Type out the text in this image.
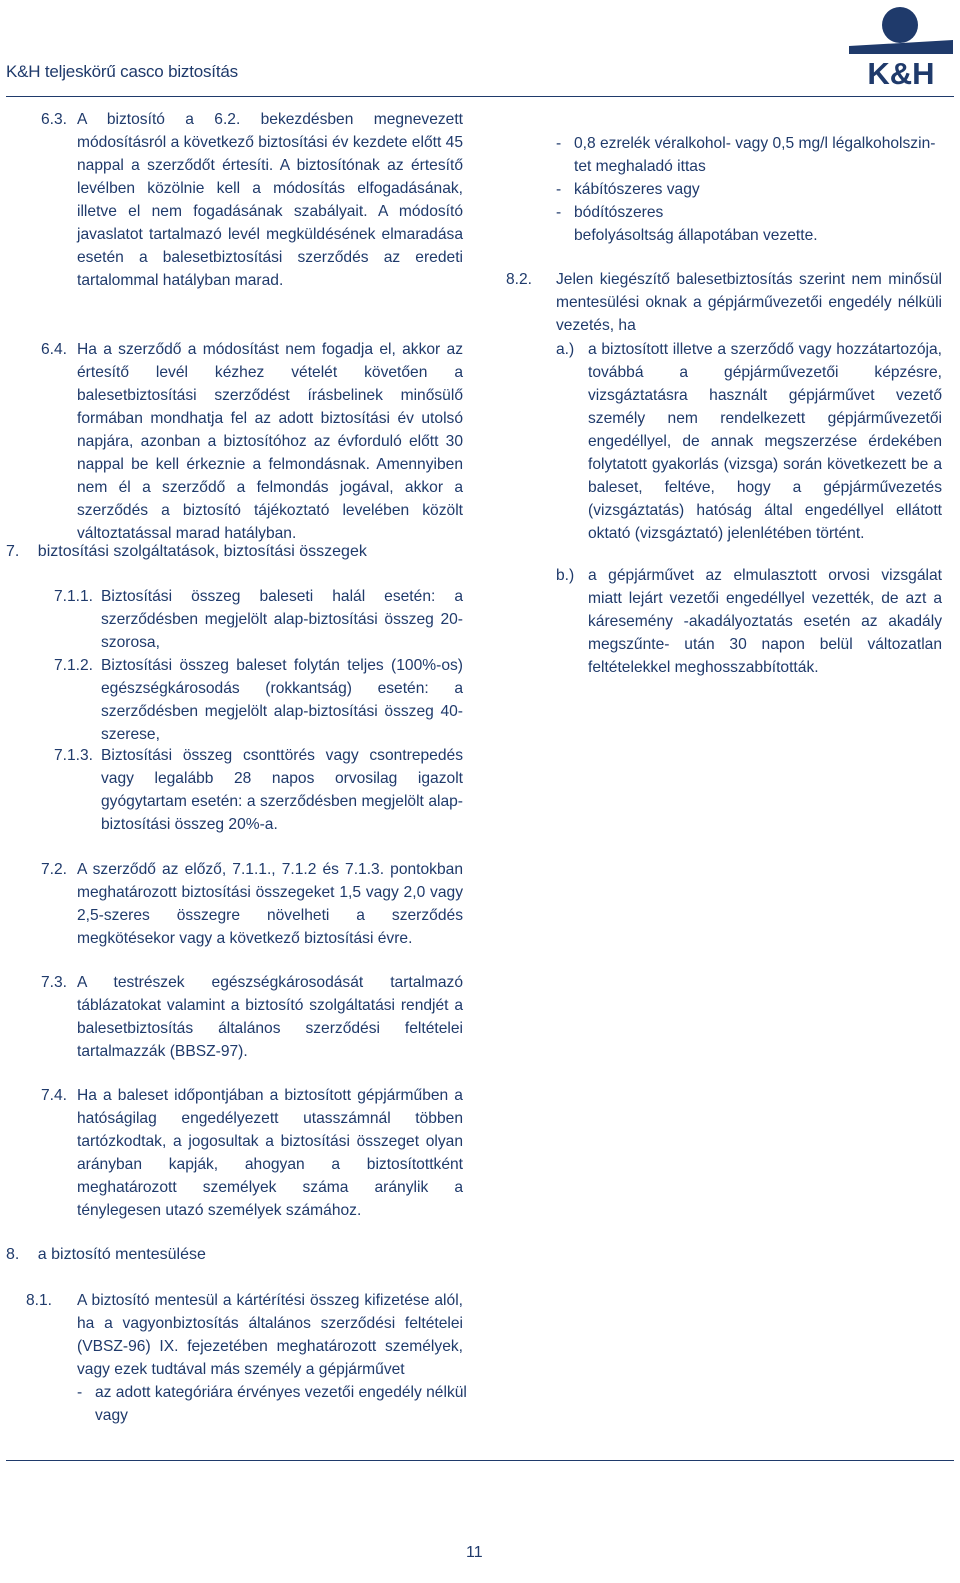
K&H teljeskörű casco biztosítás	K&H
6.3. A biztosító a 6.2. bekezdésben megnevezett módosításról a következő biztosítási év kezdete előtt 45 nappal a szerződőt értesíti. A biztosítónak az értesítő levélben közölnie kell a módosítás elfogadásának, illetve el nem fogadásának szabályait. A módosító javaslatot tartalmazó levél megküldésének elmaradása esetén a balesetbiztosítási szerződés az eredeti tartalommal hatályban marad.
6.4. Ha a szerződő a módosítást nem fogadja el, akkor az értesítő levél kézhez vételét követően a balesetbiztosítási szerződést írásbelinek minősülő formában mondhatja fel az adott biztosítási év utolsó napjára, azonban a biztosítóhoz az évforduló előtt 30 nappal be kell érkeznie a felmondásnak. Amennyiben nem él a szerződő a felmondás jogával, akkor a szerződés a biztosító tájékoztató levelében közölt változtatással marad hatályban.
7. biztosítási szolgáltatások, biztosítási összegek
7.1.1. Biztosítási összeg baleseti halál esetén: a szerződésben megjelölt alap-biztosítási összeg 20-szorosa,
7.1.2. Biztosítási összeg baleset folytán teljes (100%-os) egészségkárosodás (rokkantság) esetén: a szerződésben megjelölt alap-biztosítási összeg 40-szerese,
7.1.3. Biztosítási összeg csonttörés vagy csontrepedés vagy legalább 28 napos orvosilag igazolt gyógytartam esetén: a szerződésben megjelölt alap-biztosítási összeg 20%-a.
7.2. A szerződő az előző, 7.1.1., 7.1.2 és 7.1.3. pontokban meghatározott biztosítási összegeket 1,5 vagy 2,0 vagy 2,5-szeres összegre növelheti a szerződés megkötésekor vagy a következő biztosítási évre.
7.3. A testrészek egészségkárosodását tartalmazó táblázatokat valamint a biztosító szolgáltatási rendjét a balesetbiztosítás általános szerződési feltételei tartalmazzák (BBSZ-97).
7.4. Ha a baleset időpontjában a biztosított gépjárműben a hatóságilag engedélyezett utasszámnál többen tartózkodtak, a jogosultak a biztosítási összeget olyan arányban kapják, ahogyan a biztosítottként meghatározott személyek száma aránylik a ténylegesen utazó személyek számához.
8. a biztosító mentesülése
8.1. A biztosító mentesül a kártérítési összeg kifizetése alól, ha a vagyonbiztosítás általános szerződési feltételei (VBSZ-96) IX. fejezetében meghatározott személyek, vagy ezek tudtával más személy a gépjárművet
- az adott kategóriára érvényes vezetői engedély nélkül
vagy
- 0,8 ezrelék véralkohol- vagy 0,5 mg/l légalkoholszin-
tet meghaladó ittas
- kábítószeres vagy
- bódítószeres
befolyásoltság állapotában vezette.
8.2. Jelen kiegészítő balesetbiztosítás szerint nem minősül mentesülési oknak a gépjárművezetői engedély nélküli vezetés, ha
a.) a biztosított illetve a szerződő vagy hozzátartozója, továbbá a gépjárművezetői képzésre, vizsgáztatásra használt gépjárművet vezető személy nem rendelkezett gépjárművezetői engedéllyel, de annak megszerzése érdekében folytatott gyakorlás (vizsga) során következett be a baleset, feltéve, hogy a gépjárművezetés (vizsgáztatás) hatóság által engedéllyel ellátott oktató (vizsgáztató) jelenlétében történt.
b.) a gépjárművet az elmulasztott orvosi vizsgálat miatt lejárt vezetői engedéllyel vezették, de azt a káresemény -akadályoztatás esetén az akadály megszűnte- után 30 napon belül változatlan feltételekkel meghosszabbították.
11
